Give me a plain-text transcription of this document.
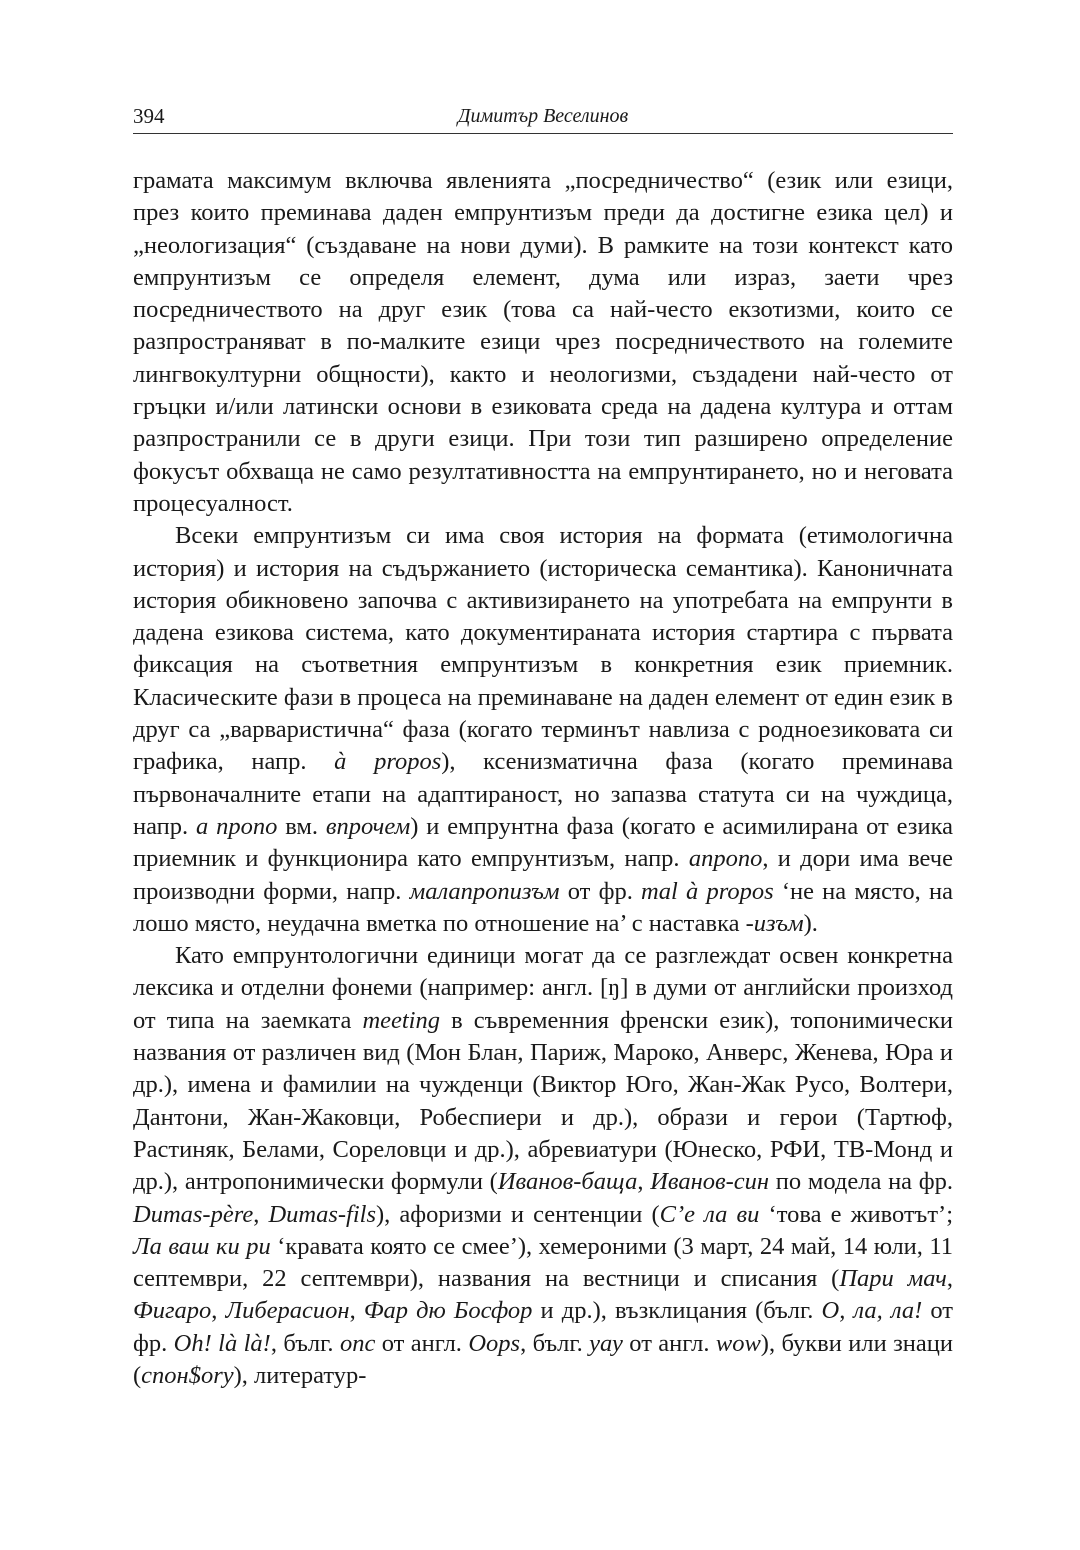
394	Димитър Веселинов

грамата максимум включва явленията „посредничество“ (език или езици, през които преминава даден емпрунтизъм преди да достигне езика цел) и „неологизация“ (създаване на нови думи). В рамките на този контекст като емпрунтизъм се определя елемент, дума или израз, заети чрез посредничеството на друг език (това са най-често екзотизми, които се разпространяват в по-малките езици чрез посредничеството на големите лингвокултурни общности), както и неологизми, създадени най-често от гръцки и/или латински основи в езиковата среда на дадена култура и оттам разпространили се в други езици. При този тип разширено определение фокусът обхваща не само резултативността на емпрунтирането, но и неговата процесуалност.

Всеки емпрунтизъм си има своя история на формата (етимологична история) и история на съдържанието (историческа семантика). Каноничната история обикновено започва с активизирането на употребата на емпрунти в дадена езикова система, като документираната история стартира с първата фиксация на съответния емпрунтизъм в конкретния език приемник. Класическите фази в процеса на преминаване на даден елемент от един език в друг са „варваристична“ фаза (когато терминът навлиза с родноезиковата си графика, напр. à propos), ксенизматична фаза (когато преминава първоначалните етапи на адаптираност, но запазва статута си на чуждица, напр. а пропо вм. впрочем) и емпрунтна фаза (когато е асимилирана от езика приемник и функционира като емпрунтизъм, напр. апропо, и дори има вече производни форми, напр. малапропизъм от фр. mal à propos ‘не на място, на лошо място, неудачна вметка по отношение на’ с наставка -изъм).

Като емпрунтологични единици могат да се разглеждат освен конкретна лексика и отделни фонеми (например: англ. [ŋ] в думи от английски произход от типа на заемката meeting в съвременния френски език), топонимически названия от различен вид (Мон Блан, Париж, Мароко, Анверс, Женева, Юра и др.), имена и фамилии на чужденци (Виктор Юго, Жан-Жак Русо, Волтери, Дантони, Жан-Жаковци, Робеспиери и др.), образи и герои (Тартюф, Растиняк, Белами, Сореловци и др.), абревиатури (Юнеско, РФИ, ТВ-Монд и др.), антропонимически формули (Иванов-баща, Иванов-син по модела на фр. Dumas-père, Dumas-fils), афоризми и сентенции (С’е ла ви ‘това е животът’; Ла ваш ки ри ‘кравата която се смее’), хемероними (3 март, 24 май, 14 юли, 11 септември, 22 септември), названия на вестници и списания (Пари мач, Фигаро, Либерасион, Фар дю Босфор и др.), възклицания (бълг. О, ла, ла! от фр. Oh! là là!, бълг. опс от англ. Oops, бълг. уау от англ. wow), букви или знаци (спон$ory), литератур-
